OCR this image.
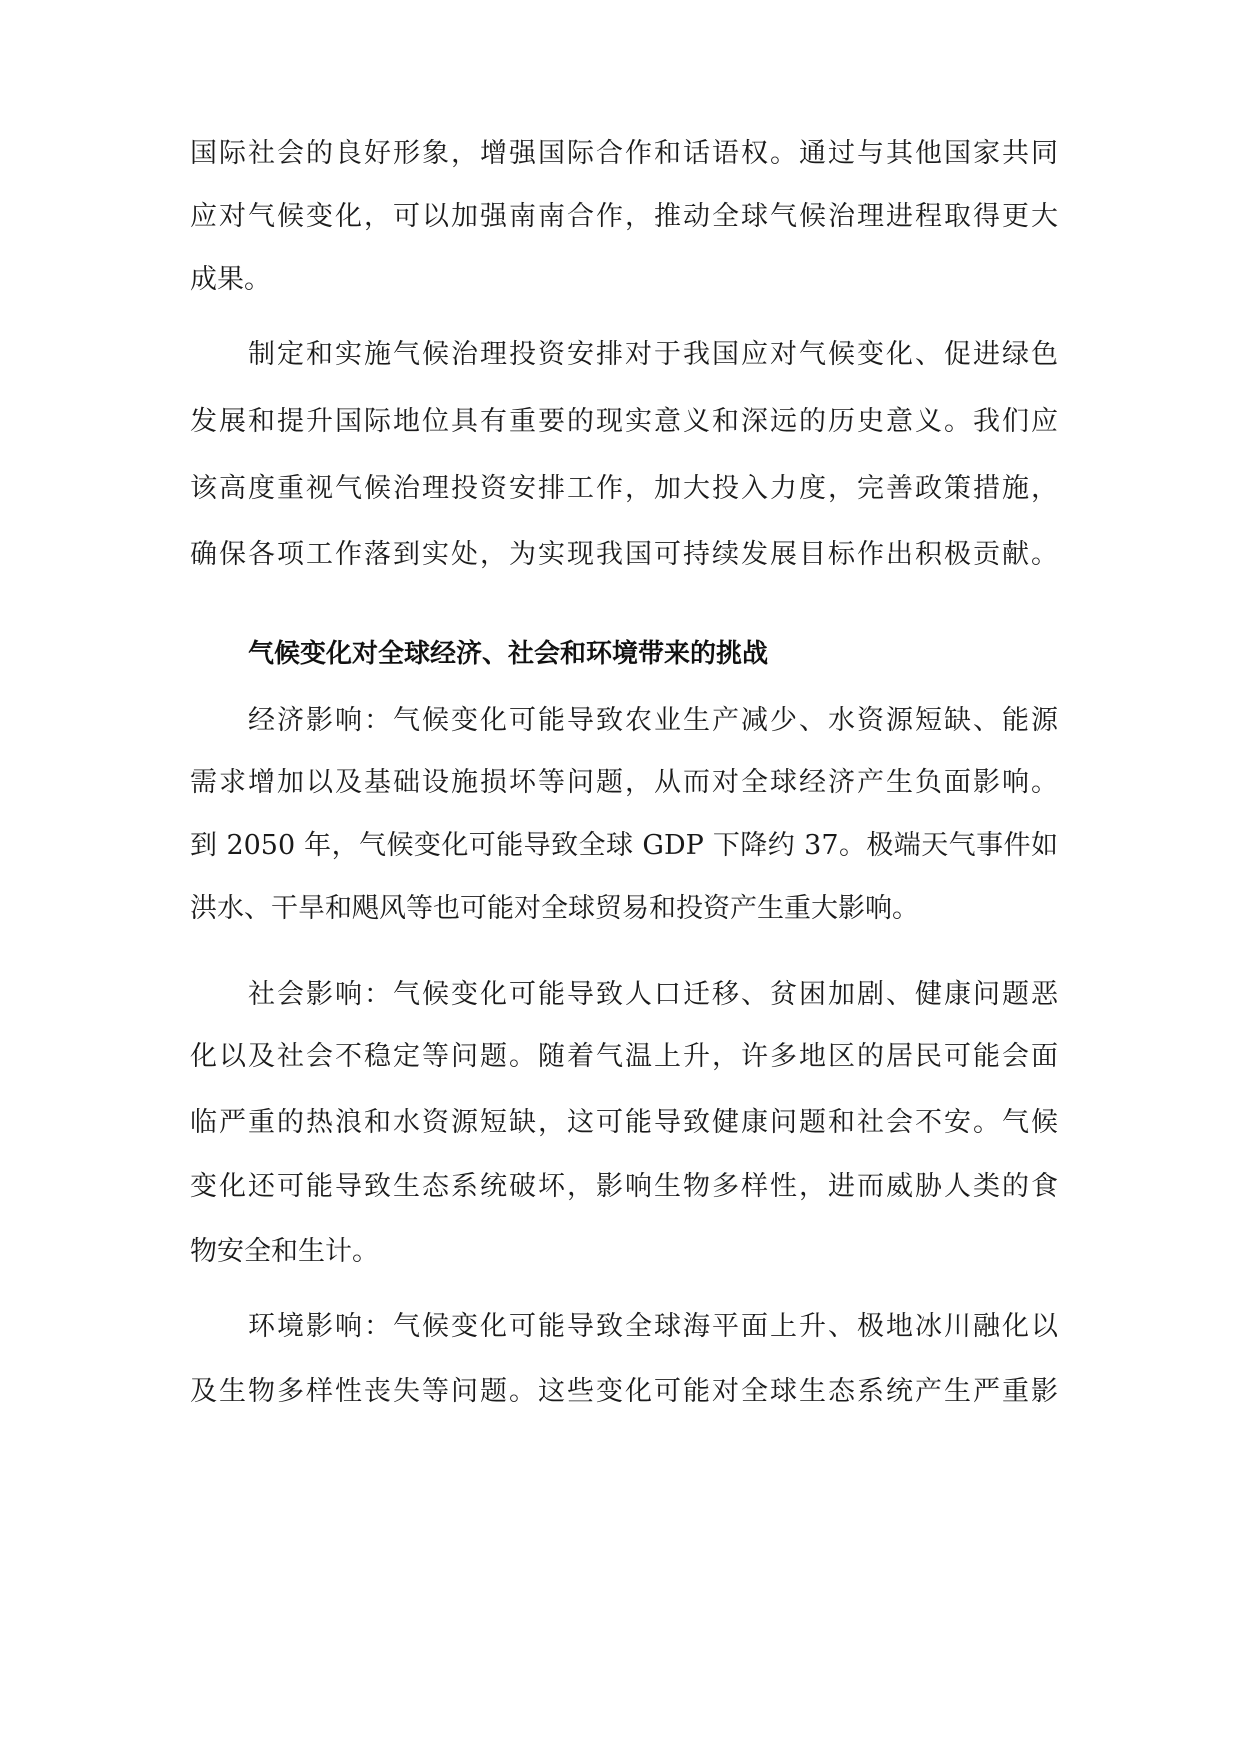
国际社会的良好形象，增强国际合作和话语权。通过与其他国家共同

应对气候变化，可以加强南南合作，推动全球气候治理进程取得更大

成果。

制定和实施气候治理投资安排对于我国应对气候变化、促进绿色

发展和提升国际地位具有重要的现实意义和深远的历史意义。我们应

该高度重视气候治理投资安排工作，加大投入力度，完善政策措施，

确保各项工作落到实处，为实现我国可持续发展目标作出积极贡献。

气候变化对全球经济、社会和环境带来的挑战

经济影响：气候变化可能导致农业生产减少、水资源短缺、能源

需求增加以及基础设施损坏等问题，从而对全球经济产生负面影响。

到 2050 年，气候变化可能导致全球 GDP 下降约 37。极端天气事件如

洪水、干旱和飓风等也可能对全球贸易和投资产生重大影响。

社会影响：气候变化可能导致人口迁移、贫困加剧、健康问题恶

化以及社会不稳定等问题。随着气温上升，许多地区的居民可能会面

临严重的热浪和水资源短缺，这可能导致健康问题和社会不安。气候

变化还可能导致生态系统破坏，影响生物多样性，进而威胁人类的食

物安全和生计。

环境影响：气候变化可能导致全球海平面上升、极地冰川融化以

及生物多样性丧失等问题。这些变化可能对全球生态系统产生严重影
